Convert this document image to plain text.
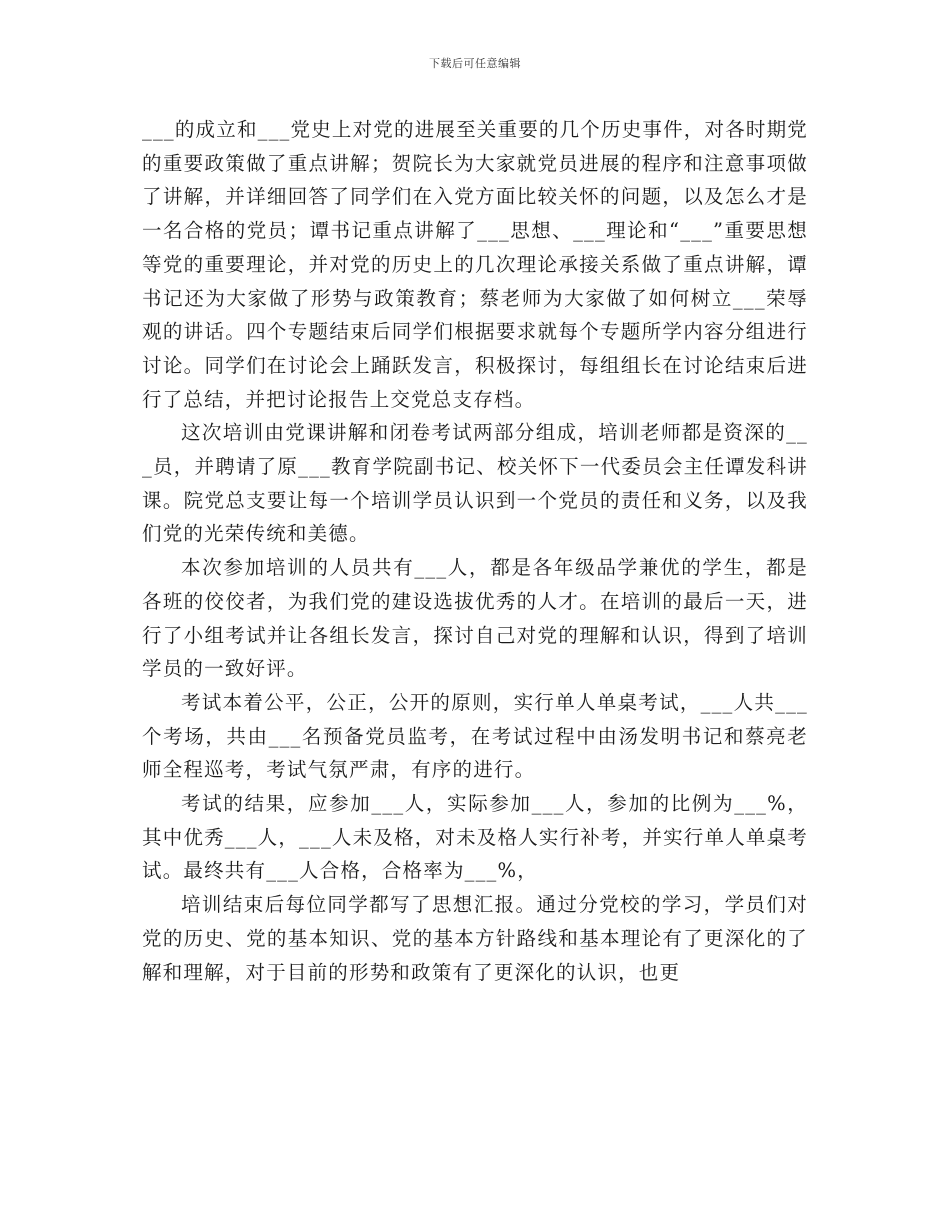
下载后可任意编辑

___的成立和___党史上对党的进展至关重要的几个历史事件，对各时期党的重要政策做了重点讲解；贺院长为大家就党员进展的程序和注意事项做了讲解，并详细回答了同学们在入党方面比较关怀的问题，以及怎么才是一名合格的党员；谭书记重点讲解了___思想、___理论和“___”重要思想等党的重要理论，并对党的历史上的几次理论承接关系做了重点讲解，谭书记还为大家做了形势与政策教育；蔡老师为大家做了如何树立___荣辱观的讲话。四个专题结束后同学们根据要求就每个专题所学内容分组进行讨论。同学们在讨论会上踊跃发言，积极探讨，每组组长在讨论结束后进行了总结，并把讨论报告上交党总支存档。

这次培训由党课讲解和闭卷考试两部分组成，培训老师都是资深的___员，并聘请了原___教育学院副书记、校关怀下一代委员会主任谭发科讲课。院党总支要让每一个培训学员认识到一个党员的责任和义务，以及我们党的光荣传统和美德。

本次参加培训的人员共有___人，都是各年级品学兼优的学生，都是各班的佼佼者，为我们党的建设选拔优秀的人才。在培训的最后一天，进行了小组考试并让各组长发言，探讨自己对党的理解和认识，得到了培训学员的一致好评。

考试本着公平，公正，公开的原则，实行单人单桌考试，___人共___个考场，共由___名预备党员监考，在考试过程中由汤发明书记和蔡亮老师全程巡考，考试气氛严肃，有序的进行。

考试的结果，应参加___人，实际参加___人，参加的比例为___%，其中优秀___人，___人未及格，对未及格人实行补考，并实行单人单桌考试。最终共有___人合格，合格率为___%，

培训结束后每位同学都写了思想汇报。通过分党校的学习，学员们对党的历史、党的基本知识、党的基本方针路线和基本理论有了更深化的了解和理解，对于目前的形势和政策有了更深化的认识，也更
